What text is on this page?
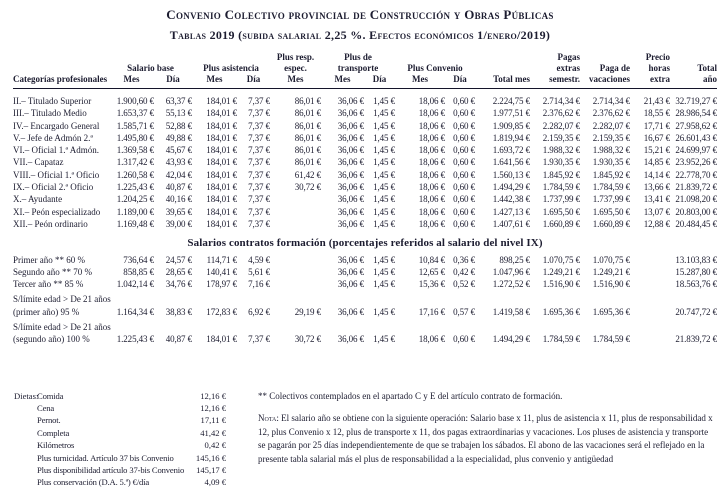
Convenio Colectivo provincial de Construcción y Obras Públicas
Tablas 2019 (subida salarial 2,25 %. Efectos económicos 1/enero/2019)
Categorías profesionales					Plus resp.	Plus de					Pagas		Precio	
	Salario base		Plus asistencia		espec.	transporte		Plus Convenio			extras	Paga de	horas	Total
	Mes	Día	Mes	Día	Mes	Mes	Día	Mes	Día	Total mes	semestr.	vacaciones	extra	año

II.– Titulado Superior	1.900,60 €	63,37 €	184,01 €	7,37 €	86,01 €	36,06 €	1,45 €	18,06 €	0,60 €	2.224,75 €	2.714,34 €	2.714,34 €	21,43 €	32.719,27 €

III.– Titulado Medio	1.653,37 €	55,13 €	184,01 €	7,37 €	86,01 €	36,06 €	1,45 €	18,06 €	0,60 €	1.977,51 €	2.376,62 €	2.376,62 €	18,55 €	28.986,54 €

IV.– Encargado General	1.585,71 €	52,88 €	184,01 €	7,37 €	86,01 €	36,06 €	1,45 €	18,06 €	0,60 €	1.909,85 €	2.282,07 €	2.282,07 €	17,71 €	27.958,62 €

V.– Jefe de Admón 2.ª	1.495,80 €	49,88 €	184,01 €	7,37 €	86,01 €	36,06 €	1,45 €	18,06 €	0,60 €	1.819,94 €	2.159,35 €	2.159,35 €	16,67 €	26.601,43 €

VI.– Oficial 1.ª Admón.	1.369,58 €	45,67 €	184,01 €	7,37 €	86,01 €	36,06 €	1,45 €	18,06 €	0,60 €	1.693,72 €	1.988,32 €	1.988,32 €	15,21 €	24.699,97 €

VII.– Capataz	1.317,42 €	43,93 €	184,01 €	7,37 €	86,01 €	36,06 €	1,45 €	18,06 €	0,60 €	1.641,56 €	1.930,35 €	1.930,35 €	14,85 €	23.952,26 €

VIII.– Oficial 1.ª Oficio	1.260,58 €	42,04 €	184,01 €	7,37 €	61,42 €	36,06 €	1,45 €	18,06 €	0,60 €	1.560,13 €	1.845,92 €	1.845,92 €	14,14 €	22.778,70 €

IX.– Oficial 2.ª Oficio	1.225,43 €	40,87 €	184,01 €	7,37 €	30,72 €	36,06 €	1,45 €	18,06 €	0,60 €	1.494,29 €	1.784,59 €	1.784,59 €	13,66 €	21.839,72 €

X.– Ayudante	1.204,25 €	40,16 €	184,01 €	7,37 €		36,06 €	1,45 €	18,06 €	0,60 €	1.442,38 €	1.737,99 €	1.737,99 €	13,41 €	21.098,20 €

XI.– Peón especializado	1.189,00 €	39,65 €	184,01 €	7,37 €		36,06 €	1,45 €	18,06 €	0,60 €	1.427,13 €	1.695,50 €	1.695,50 €	13,07 €	20.803,00 €

XII.– Peón ordinario	1.169,48 €	39,00 €	184,01 €	7,37 €		36,06 €	1,45 €	18,06 €	0,60 €	1.407,61 €	1.660,89 €	1.660,89 €	12,88 €	20.484,45 €
Salarios contratos formación (porcentajes referidos al salario del nivel IX)														

Primer año ** 60 %	736,64 €	24,57 €	114,71 €	4,59 €		36,06 €	1,45 €	10,84 €	0,36 €	898,25 €	1.070,75 €	1.070,75 €		13.103,83 €

Segundo año ** 70 %	858,85 €	28,65 €	140,41 €	5,61 €		36,06 €	1,45 €	12,65 €	0,42 €	1.047,96 €	1.249,21 €	1.249,21 €		15.287,80 €

Tercer año ** 85 %	1.042,14 €	34,76 €	178,97 €	7,16 €		36,06 €	1,45 €	15,36 €	0,52 €	1.272,52 €	1.516,90 €	1.516,90 €		18.563,76 €

S/límite edad > De 21 años
(primer año) 95 %	1.164,34 €	38,83 €	172,83 €	6,92 €	29,19 €	36,06 €	1,45 €	17,16 €	0,57 €	1.419,58 €	1.695,36 €	1.695,36 €		20.747,72 €

S/límite edad > De 21 años
(segundo año) 100 %	1.225,43 €	40,87 €	184,01 €	7,37 €	30,72 €	36,06 €	1,45 €	18,06 €	0,60 €	1.494,29 €	1.784,59 €	1.784,59 €		21.839,72 €
Dietas:
Comida	12,16 €
Cena	12,16 €
Pernot.	17,11 €
Completa	41,42 €
Kilómetros	0,42 €
Plus turnicidad. Artículo 37 bis Convenio	145,16 €
Plus disponibilidad artículo 37-bis Convenio	145,17 €
Plus conservación (D.A. 5.ª) €/día	4,09 €
** Colectivos contemplados en el apartado C y E del artículo contrato de formación.
Nota: El salario año se obtiene con la siguiente operación: Salario base x 11, plus de asistencia x 11, plus de responsabilidad x 12, plus Convenio x 12, plus de transporte x 11, dos pagas extraordinarias y vacaciones. Los pluses de asistencia y transporte se pagarán por 25 días independientemente de que se trabajen los sábados. El abono de las vacaciones será el reflejado en la presente tabla salarial más el plus de responsabilidad a la especialidad, plus convenio y antigüedad
